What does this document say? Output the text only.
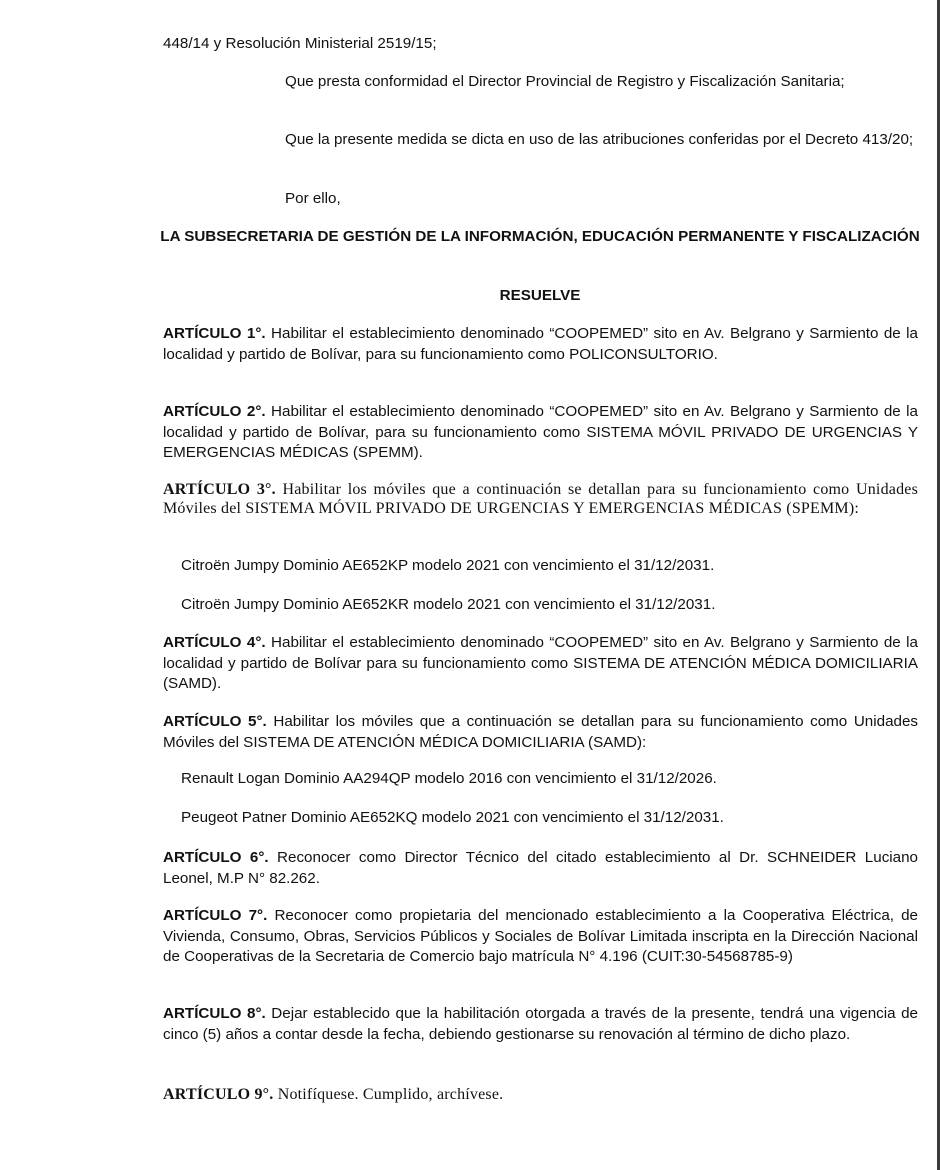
448/14 y Resolución Ministerial 2519/15;

Que presta conformidad el Director Provincial de Registro y Fiscalización Sanitaria;

Que la presente medida se dicta en uso de las atribuciones conferidas por el Decreto 413/20;

Por ello,

LA SUBSECRETARIA DE GESTIÓN DE LA INFORMACIÓN, EDUCACIÓN PERMANENTE Y FISCALIZACIÓN

RESUELVE

ARTÍCULO 1°. Habilitar el establecimiento denominado “COOPEMED” sito en Av. Belgrano y Sarmiento de la localidad y partido de Bolívar, para su funcionamiento como POLICONSULTORIO.

ARTÍCULO 2°. Habilitar el establecimiento denominado “COOPEMED” sito en Av. Belgrano y Sarmiento de la localidad y partido de Bolívar, para su funcionamiento como SISTEMA MÓVIL PRIVADO DE URGENCIAS Y EMERGENCIAS MÉDICAS (SPEMM).

ARTÍCULO 3°. Habilitar los móviles que a continuación se detallan para su funcionamiento como Unidades Móviles del SISTEMA MÓVIL PRIVADO DE URGENCIAS Y EMERGENCIAS MÉDICAS (SPEMM):

Citroën Jumpy Dominio AE652KP modelo 2021 con vencimiento el 31/12/2031.

Citroën Jumpy Dominio AE652KR modelo 2021 con vencimiento el 31/12/2031.

ARTÍCULO 4°. Habilitar el establecimiento denominado “COOPEMED” sito en Av. Belgrano y Sarmiento de la localidad y partido de Bolívar para su funcionamiento como SISTEMA DE ATENCIÓN MÉDICA DOMICILIARIA (SAMD).

ARTÍCULO 5°. Habilitar los móviles que a continuación se detallan para su funcionamiento como Unidades Móviles del SISTEMA DE ATENCIÓN MÉDICA DOMICILIARIA (SAMD):

Renault Logan Dominio AA294QP modelo 2016 con vencimiento el 31/12/2026.

Peugeot Patner Dominio AE652KQ modelo 2021 con vencimiento el 31/12/2031.

ARTÍCULO 6°. Reconocer como Director Técnico del citado establecimiento al Dr. SCHNEIDER Luciano Leonel, M.P N° 82.262.

ARTÍCULO 7°. Reconocer como propietaria del mencionado establecimiento a la Cooperativa Eléctrica, de Vivienda, Consumo, Obras, Servicios Públicos y Sociales de Bolívar Limitada inscripta en la Dirección Nacional de Cooperativas de la Secretaria de Comercio bajo matrícula N° 4.196 (CUIT:30-54568785-9)

ARTÍCULO 8°. Dejar establecido que la habilitación otorgada a través de la presente, tendrá una vigencia de cinco (5) años a contar desde la fecha, debiendo gestionarse su renovación al término de dicho plazo.

ARTÍCULO 9°. Notifíquese. Cumplido, archívese.
